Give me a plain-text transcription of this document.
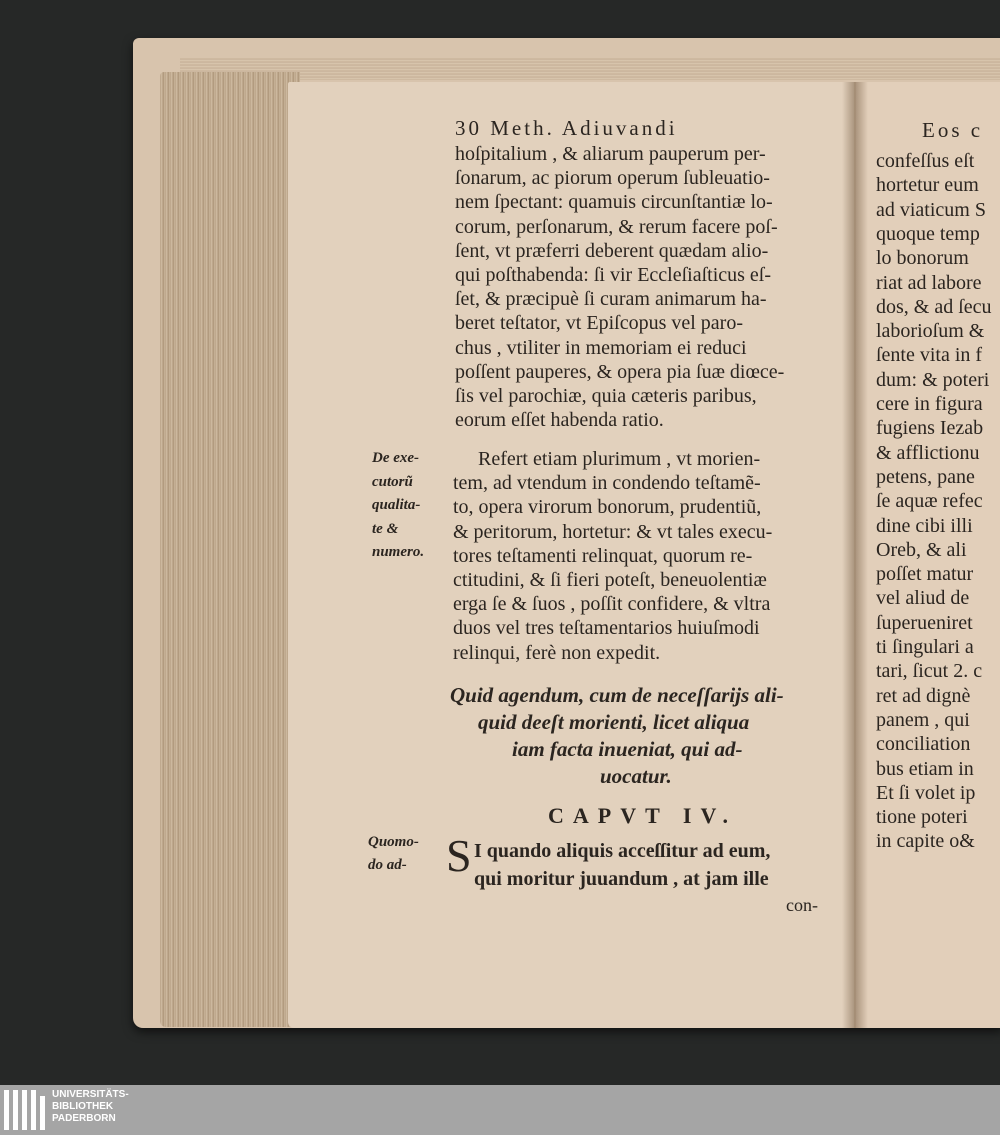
30 Meth. Adiuvandi
hoſpitalium , & aliarum pauperum per-
ſonarum, ac piorum operum ſubleuatio-
nem ſpectant: quamuis circunſtantiæ lo-
corum, perſonarum, & rerum facere poſ-
ſent, vt præferri deberent quædam alio-
qui poſthabenda: ſi vir Eccleſiaſticus eſ-
ſet, & præcipuè ſi curam animarum ha-
beret teſtator, vt Epiſcopus vel paro-
chus , vtiliter in memoriam ei reduci
poſſent pauperes, & opera pia ſuæ diœce-
ſis vel parochiæ, quia cæteris paribus,
eorum eſſet habenda ratio.
De exe-
cutorũ
qualita-
te &
numero.
Refert etiam plurimum , vt morien-
tem, ad vtendum in condendo teſtamẽ-
to, opera virorum bonorum, prudentiũ,
& peritorum, hortetur: & vt tales execu-
tores teſtamenti relinquat, quorum re-
ctitudini, & ſi fieri poteſt, beneuolentiæ
erga ſe & ſuos , poſſit confidere, & vltra
duos vel tres teſtamentarios huiuſmodi
relinqui, ferè non expedit.
Quid agendum, cum de neceſſarijs ali-
quid deeſt morienti, licet aliqua
iam facta inueniat, qui ad-
uocatur.
CAPVT IV.
Quomo-
do ad- S I quando aliquis acceſſitur ad eum,
qui moritur juuandum , at jam ille
con-
Eos c
confeſſus eſt
hortetur eum
ad viaticum S
quoque temp
lo bonorum
riat ad labore
dos, & ad ſecu
laborioſum &
ſente vita in f
dum: & poteri
cere in figura
fugiens Iezab
& afflictionu
petens, pane
ſe aquæ refec
dine cibi illi
Oreb, & ali
poſſet matur
vel aliud de
ſuperueniret
ti ſingulari a
tari, ſicut 2. c
ret ad dignè
panem , qui
conciliation
bus etiam in
Et ſi volet ip
tione poteri
in capite o&
UNIVERSITÄTS-
BIBLIOTHEK
PADERBORN
